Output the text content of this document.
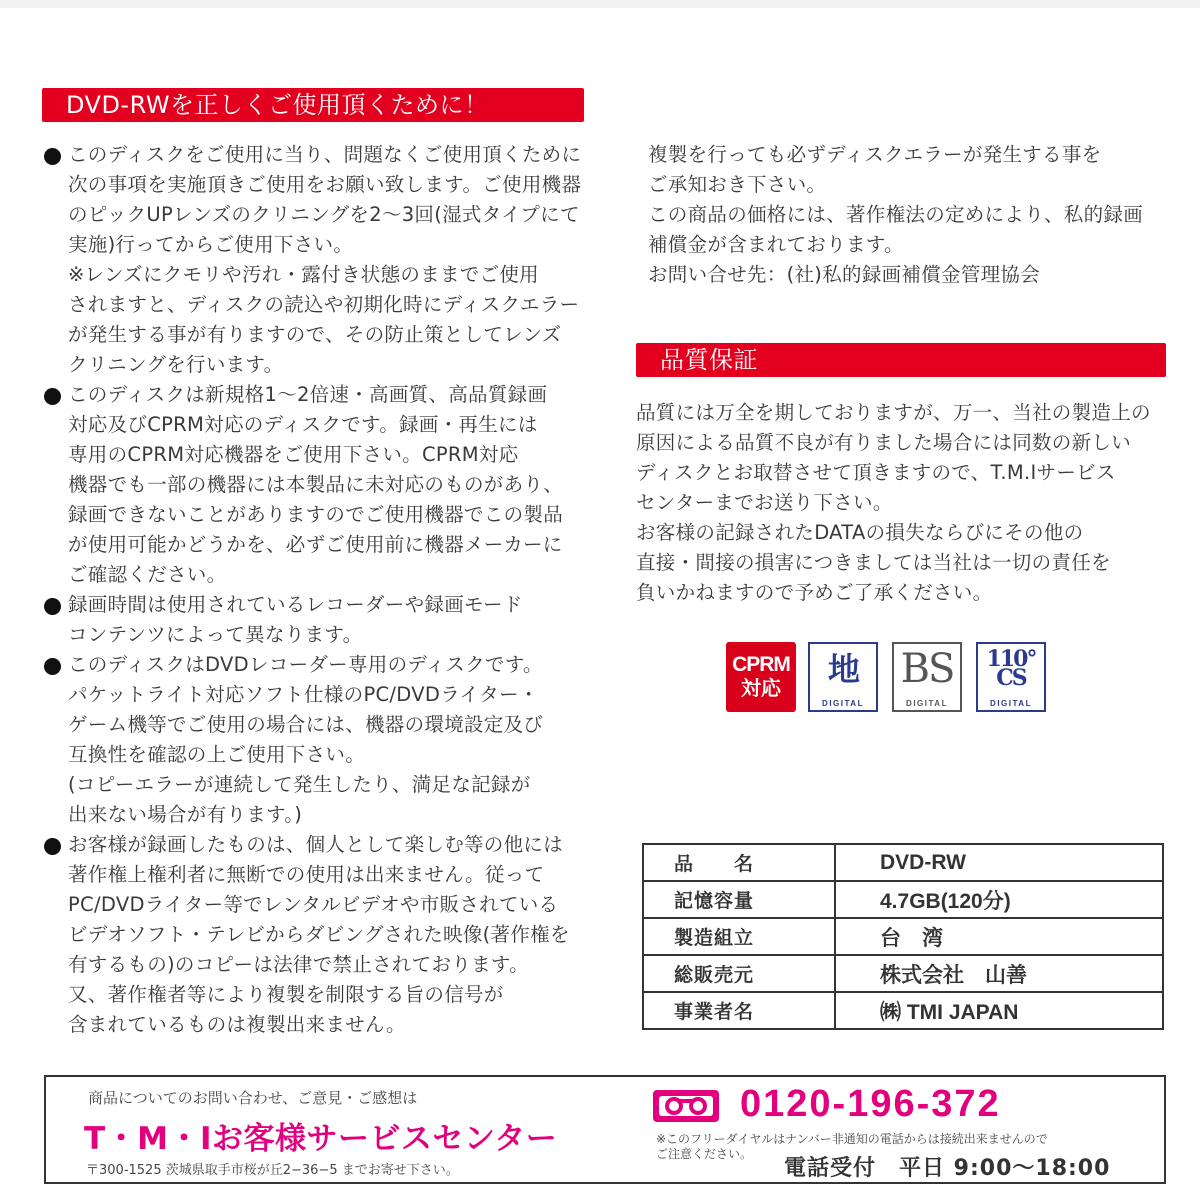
DVD-RWを正しくご使用頂くために！
このディスクをご使用に当り、問題なくご使用頂くために
次の事項を実施頂きご使用をお願い致します。ご使用機器
のピックUPレンズのクリニングを2〜3回(湿式タイプにて
実施)行ってからご使用下さい。
※レンズにクモリや汚れ・露付き状態のままでご使用
されますと、ディスクの読込や初期化時にディスクエラー
が発生する事が有りますので、その防止策としてレンズ
クリニングを行います。
このディスクは新規格1〜2倍速・高画質、高品質録画
対応及びCPRM対応のディスクです。録画・再生には
専用のCPRM対応機器をご使用下さい。CPRM対応
機器でも一部の機器には本製品に未対応のものがあり、
録画できないことがありますのでご使用機器でこの製品
が使用可能かどうかを、必ずご使用前に機器メーカーに
ご確認ください。
録画時間は使用されているレコーダーや録画モード
コンテンツによって異なります。
このディスクはDVDレコーダー専用のディスクです。
パケットライト対応ソフト仕様のPC/DVDライター・
ゲーム機等でご使用の場合には、機器の環境設定及び
互換性を確認の上ご使用下さい。
(コピーエラーが連続して発生したり、満足な記録が
出来ない場合が有ります。)
お客様が録画したものは、個人として楽しむ等の他には
著作権上権利者に無断での使用は出来ません。従って
PC/DVDライター等でレンタルビデオや市販されている
ビデオソフト・テレビからダビングされた映像(著作権を
有するもの)のコピーは法律で禁止されております。
又、著作権者等により複製を制限する旨の信号が
含まれているものは複製出来ません。
複製を行っても必ずディスクエラーが発生する事を
ご承知おき下さい。
この商品の価格には、著作権法の定めにより、私的録画
補償金が含まれております。
お問い合せ先：(社)私的録画補償金管理協会
品質保証
品質には万全を期しておりますが、万一、当社の製造上の
原因による品質不良が有りました場合には同数の新しい
ディスクとお取替させて頂きますので、T.M.Iサービス
センターまでお送り下さい。
お客様の記録されたDATAの損失ならびにその他の
直接・間接の損害につきましては当社は一切の責任を
負いかねますので予めご了承ください。
CPRM
対応 地
DIGITAL
BS
DIGITAL
110°
CS
DIGITAL
品　　名	DVD-RW
記憶容量	4.7GB(120分)
製造組立	台　湾
総販売元	株式会社　山善
事業者名	㈱ TMI JAPAN
商品についてのお問い合わせ、ご意見・ご感想は
T・M・Iお客様サービスセンター
〒300-1525 茨城県取手市桜が丘2−36−5 までお寄せ下さい。
0120-196-372
※このフリーダイヤルはナンバー非通知の電話からは接続出来ませんので
ご注意ください。
電話受付　平日 9:00〜18:00
